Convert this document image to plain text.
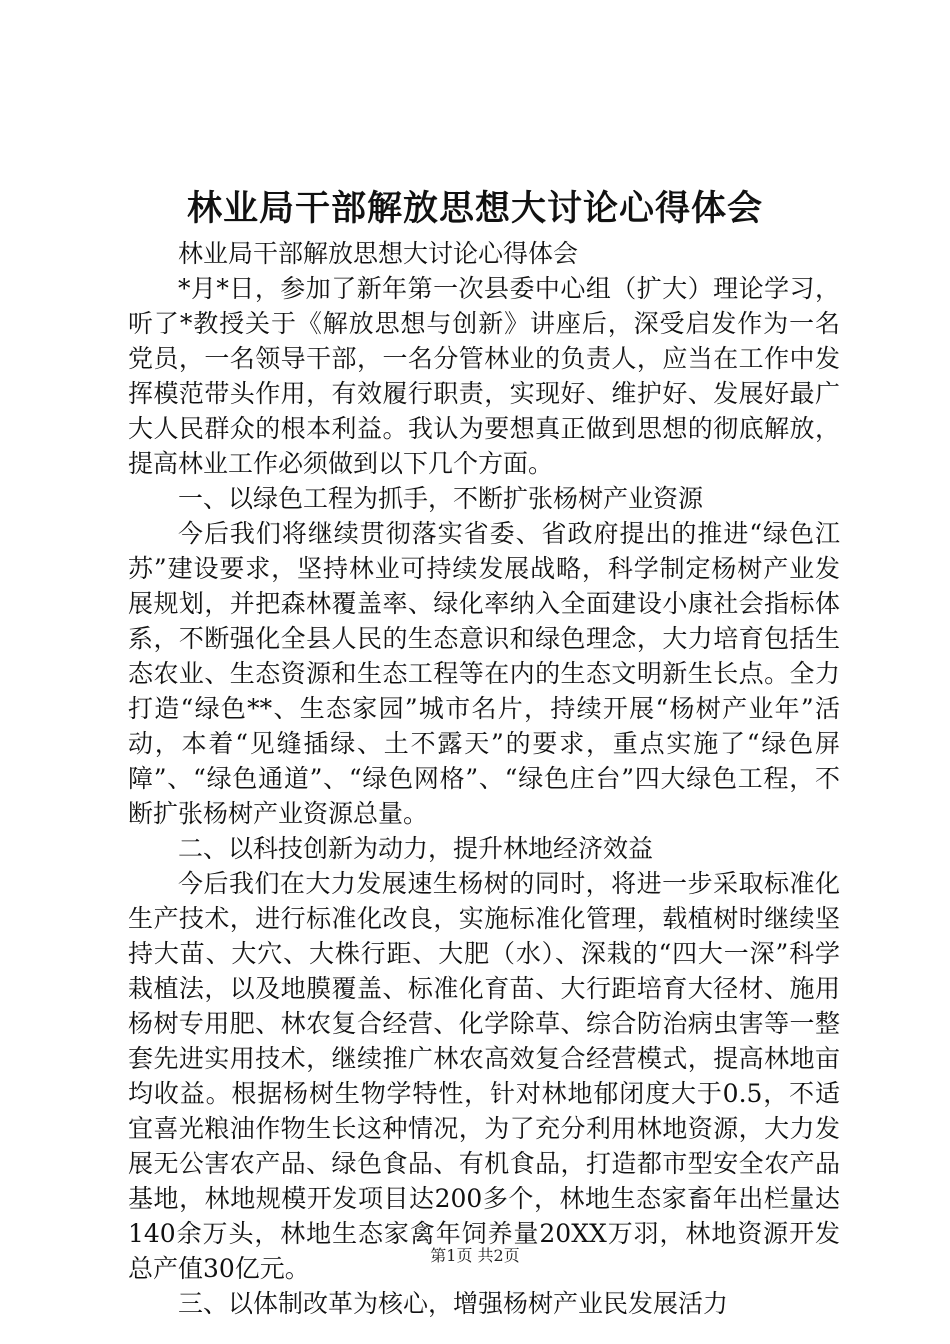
林业局干部解放思想大讨论心得体会

林业局干部解放思想大讨论心得体会

*月*日，参加了新年第一次县委中心组（扩大）理论学习，听了*教授关于《解放思想与创新》讲座后，深受启发作为一名党员，一名领导干部，一名分管林业的负责人，应当在工作中发挥模范带头作用，有效履行职责，实现好、维护好、发展好最广大人民群众的根本利益。我认为要想真正做到思想的彻底解放，提高林业工作必须做到以下几个方面。

一、以绿色工程为抓手，不断扩张杨树产业资源

今后我们将继续贯彻落实省委、省政府提出的推进“绿色江苏”建设要求，坚持林业可持续发展战略，科学制定杨树产业发展规划，并把森林覆盖率、绿化率纳入全面建设小康社会指标体系，不断强化全县人民的生态意识和绿色理念，大力培育包括生态农业、生态资源和生态工程等在内的生态文明新生长点。全力打造“绿色**、生态家园”城市名片，持续开展“杨树产业年”活动，本着“见缝插绿、土不露天”的要求，重点实施了“绿色屏障”、“绿色通道”、“绿色网格”、“绿色庄台”四大绿色工程，不断扩张杨树产业资源总量。

二、以科技创新为动力，提升林地经济效益

今后我们在大力发展速生杨树的同时，将进一步采取标准化生产技术，进行标准化改良，实施标准化管理，载植树时继续坚持大苗、大穴、大株行距、大肥（水）、深栽的“四大一深”科学栽植法，以及地膜覆盖、标准化育苗、大行距培育大径材、施用杨树专用肥、林农复合经营、化学除草、综合防治病虫害等一整套先进实用技术，继续推广林农高效复合经营模式，提高林地亩均收益。根据杨树生物学特性，针对林地郁闭度大于0.5，不适宜喜光粮油作物生长这种情况，为了充分利用林地资源，大力发展无公害农产品、绿色食品、有机食品，打造都市型安全农产品基地，林地规模开发项目达200多个，林地生态家畜年出栏量达140余万头，林地生态家禽年饲养量20XX万羽，林地资源开发总产值30亿元。

三、以体制改革为核心，增强杨树产业民发展活力

第1页 共2页
